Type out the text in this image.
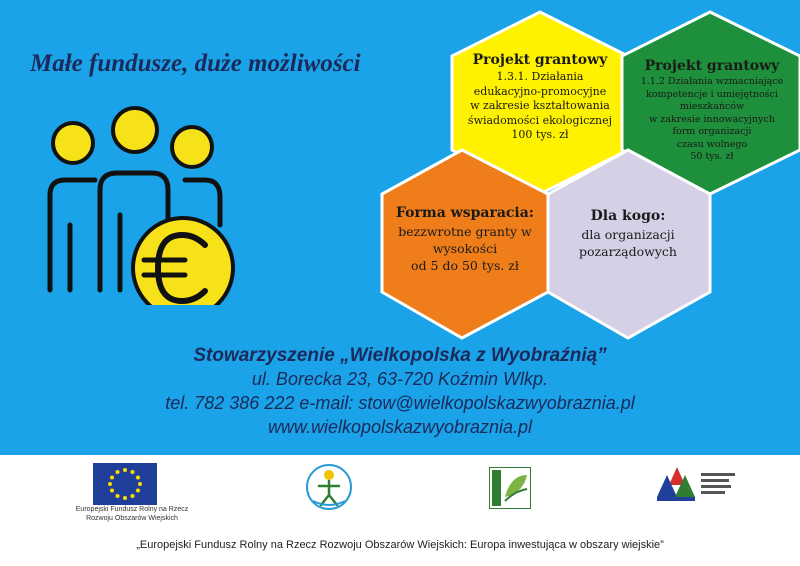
Małe fundusze, duże możliwości	Projekt grantowy
1.3.1. Działania
edukacyjno-promocyjne
w zakresie kształtowania
świadomości ekologicznej
100 tys. zł
Projekt grantowy
1.1.2 Działania wzmacniające
kompetencje i umiejętności
mieszkańców
w zakresie innowacyjnych
form organizacji
czasu wolnego
50 tys. zł
Forma wsparacia:
bezzwrotne granty w
wysokości
od 5 do 50 tys. zł
Dla kogo:
dla organizacji
pozarządowych
Stowarzyszenie „Wielkopolska z Wyobraźnią”
ul. Borecka 23, 63-720 Koźmin Wlkp.
tel. 782 386 222 e-mail: stow@wielkopolskazwyobraznia.pl
www.wielkopolskazwyobraznia.pl
Europejski Fundusz Rolny na Rzecz Rozwoju Obszarów Wiejskich
„Europejski Fundusz Rolny na Rzecz Rozwoju Obszarów Wiejskich: Europa inwestująca w obszary wiejskie”
